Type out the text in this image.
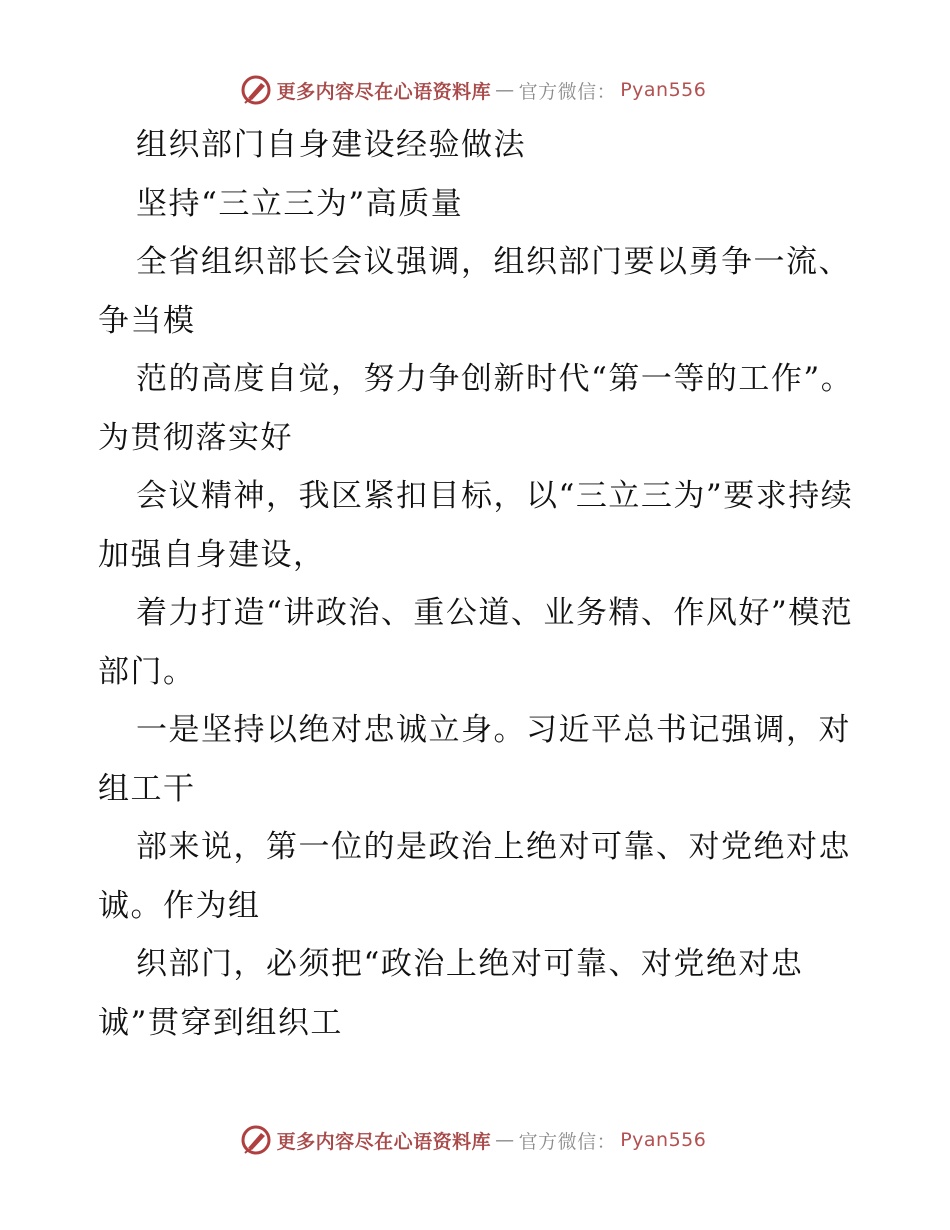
更多内容尽在心语资料库 — 官方微信： Pyan556

组织部门自身建设经验做法

坚持“三立三为”高质量

全省组织部长会议强调，组织部门要以勇争一流、争当模

范的高度自觉，努力争创新时代“第一等的工作”。为贯彻落实好

会议精神，我区紧扣目标，以“三立三为”要求持续加强自身建设，

着力打造“讲政治、重公道、业务精、作风好”模范部门。

一是坚持以绝对忠诚立身。习近平总书记强调，对组工干

部来说，第一位的是政治上绝对可靠、对党绝对忠诚。作为组

织部门，必须把“政治上绝对可靠、对党绝对忠诚”贯穿到组织工

更多内容尽在心语资料库 — 官方微信： Pyan556
